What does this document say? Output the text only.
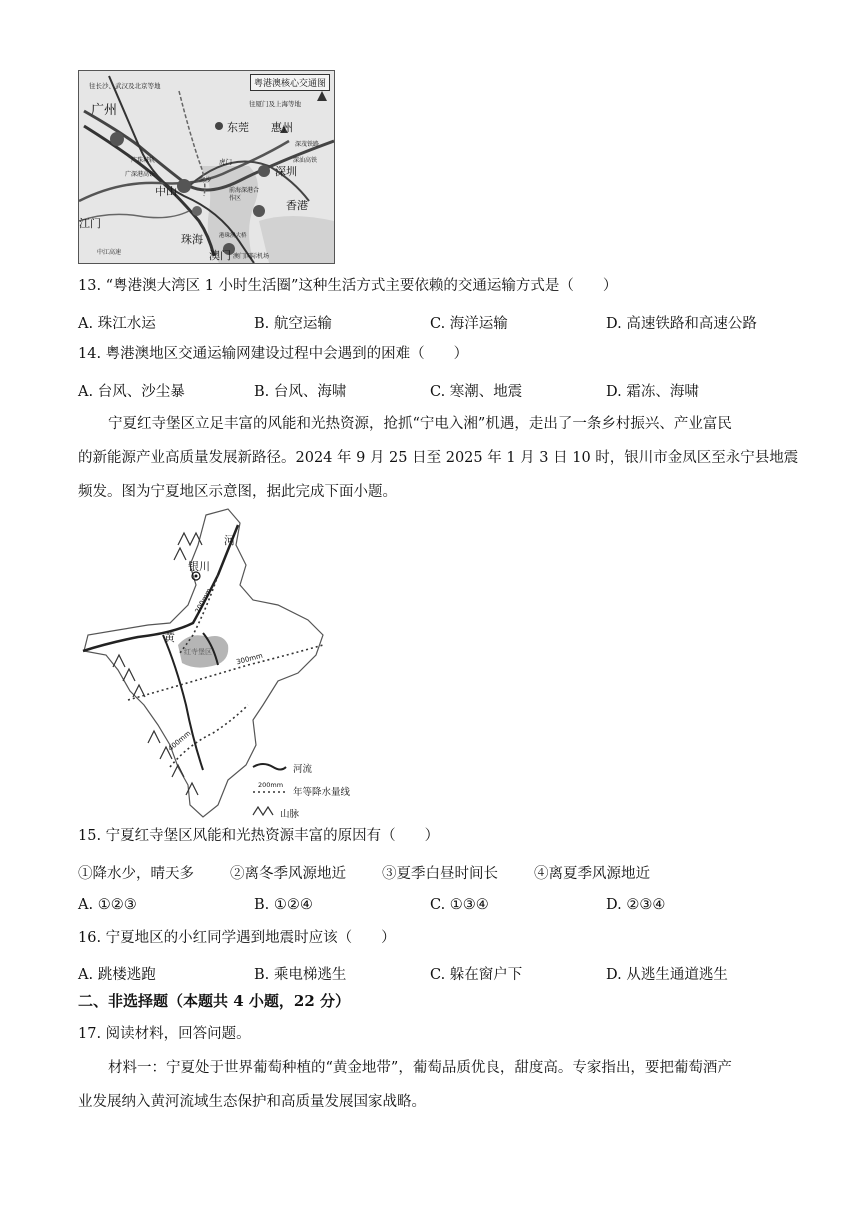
粤港澳核心交通图
往长沙、武汉及北京等地
往厦门及上海等地
广州
东莞 惠州
深圳
中山
珠海
澳门
香港
江门
虎门
前海深港合作区
澳门国际机场
港珠澳大桥
南沙
广深港高铁
广珠城轨
深茂铁路
中江高速
深汕高铁
13. “粤港澳大湾区 1 小时生活圈”这种生活方式主要依赖的交通运输方式是（　　）
A. 珠江水运	B. 航空运输	C. 海洋运输	D. 高速铁路和高速公路
14. 粤港澳地区交通运输网建设过程中会遇到的困难（　　）
A. 台风、沙尘暴	B. 台风、海啸	C. 寒潮、地震	D. 霜冻、海啸
宁夏红寺堡区立足丰富的风能和光热资源，抢抓“宁电入湘”机遇，走出了一条乡村振兴、产业富民
的新能源产业高质量发展新路径。2024 年 9 月 25 日至 2025 年 1 月 3 日 10 时，银川市金凤区至永宁县地震
频发。图为宁夏地区示意图，据此完成下面小题。
银川
河
黄
200mm
300mm
400mm
红寺堡区
河流
200mm
年等降水量线
山脉
15. 宁夏红寺堡区风能和光热资源丰富的原因有（　　）
①降水少，晴天多 ②离冬季风源地近 ③夏季白昼时间长 ④离夏季风源地近
A. ①②③	B. ①②④	C. ①③④	D. ②③④
16. 宁夏地区的小红同学遇到地震时应该（　　）
A. 跳楼逃跑	B. 乘电梯逃生	C. 躲在窗户下	D. 从逃生通道逃生
二、非选择题（本题共 4 小题，22 分）
17. 阅读材料，回答问题。
材料一：宁夏处于世界葡萄种植的“黄金地带”，葡萄品质优良，甜度高。专家指出，要把葡萄酒产
业发展纳入黄河流域生态保护和高质量发展国家战略。
